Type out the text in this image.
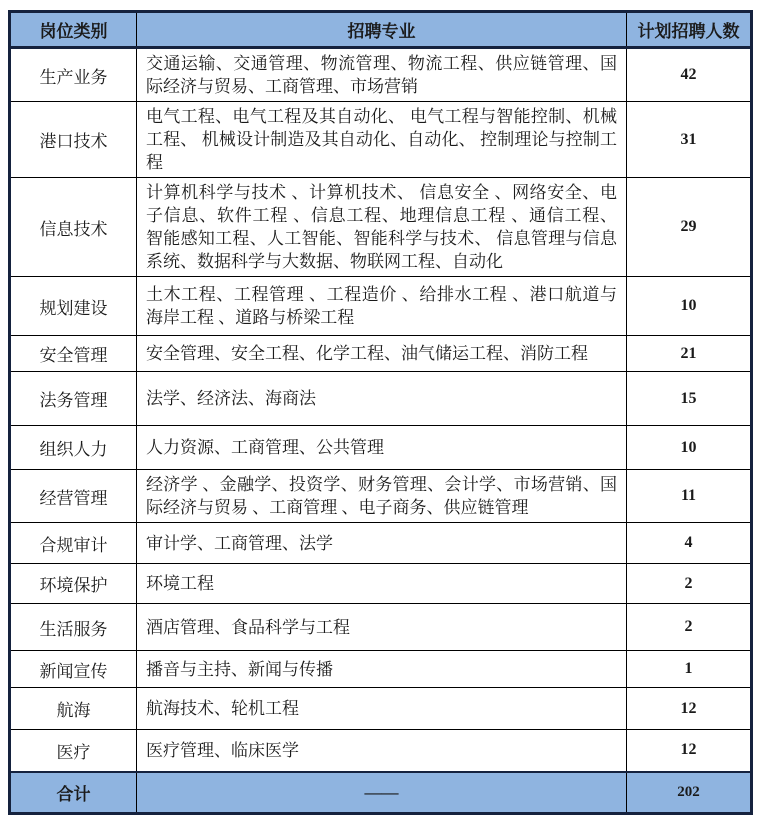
岗位类别	招聘专业	计划招聘人数
生产业务	交通运输、交通管理、物流管理、物流工程、供应链管理、国际经济与贸易、工商管理、市场营销	42
港口技术	电气工程、电气工程及其自动化、 电气工程与智能控制、机械工程、 机械设计制造及其自动化、自动化、 控制理论与控制工程	31
信息技术	计算机科学与技术 、计算机技术、 信息安全 、网络安全、电子信息、软件工程 、信息工程、地理信息工程 、通信工程、 智能感知工程、人工智能、智能科学与技术、 信息管理与信息系统、数据科学与大数据、物联网工程、自动化	29
规划建设	土木工程、工程管理 、工程造价 、给排水工程 、港口航道与海岸工程 、道路与桥梁工程	10
安全管理	安全管理、安全工程、化学工程、油气储运工程、消防工程	21
法务管理	法学、经济法、海商法	15
组织人力	人力资源、工商管理、公共管理	10
经营管理	经济学 、金融学、投资学、财务管理、会计学、市场营销、国际经济与贸易 、工商管理 、电子商务、供应链管理	11
合规审计	审计学、工商管理、法学	4
环境保护	环境工程	2
生活服务	酒店管理、食品科学与工程	2
新闻宣传	播音与主持、新闻与传播	1
航海	航海技术、轮机工程	12
医疗	医疗管理、临床医学	12
合计	——	202
